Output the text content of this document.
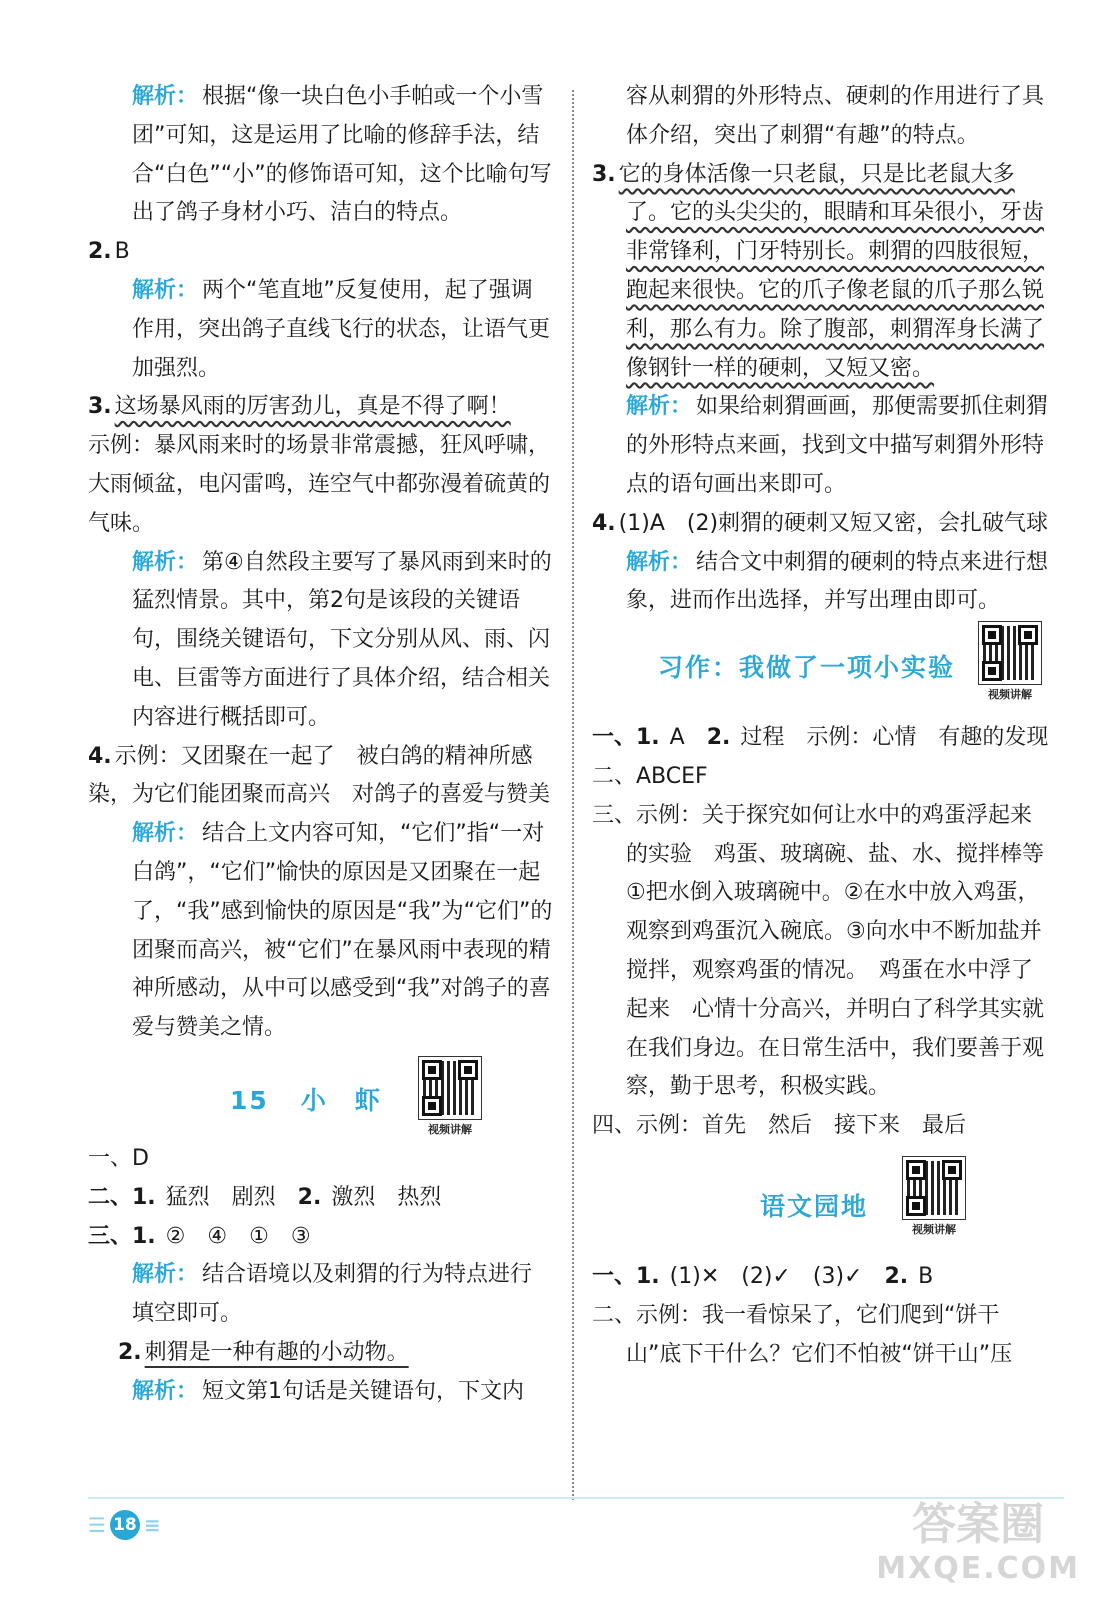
解析： 根据“像一块白色小手帕或一个小雪团”可知，这是运用了比喻的修辞手法，结合“白色”“小”的修饰语可知，这个比喻句写出了鸽子身材小巧、洁白的特点。

2. B

解析： 两个“笔直地”反复使用，起了强调作用，突出鸽子直线飞行的状态，让语气更加强烈。

3. 这场暴风雨的厉害劲儿，真是不得了啊！　示例：暴风雨来时的场景非常震撼，狂风呼啸，大雨倾盆，电闪雷鸣，连空气中都弥漫着硫黄的气味。

解析： 第④自然段主要写了暴风雨到来时的猛烈情景。其中，第2句是该段的关键语句，围绕关键语句，下文分别从风、雨、闪电、巨雷等方面进行了具体介绍，结合相关内容进行概括即可。

4. 示例：又团聚在一起了　被白鸽的精神所感染，为它们能团聚而高兴　对鸽子的喜爱与赞美

解析： 结合上文内容可知，“它们”指“一对白鸽”，“它们”愉快的原因是又团聚在一起了，“我”感到愉快的原因是“我”为“它们”的团聚而高兴，被“它们”在暴风雨中表现的精神所感动，从中可以感受到“我”对鸽子的喜爱与赞美之情。

15 小　虾
视频讲解

一、D

二、1. 猛烈　剧烈　2. 激烈　热烈

三、1. ②　④　①　③

解析： 结合语境以及刺猬的行为特点进行填空即可。

2. 刺猬是一种有趣的小动物。

解析： 短文第1句话是关键语句，下文内

容从刺猬的外形特点、硬刺的作用进行了具体介绍，突出了刺猬“有趣”的特点。

3. 它的身体活像一只老鼠，只是比老鼠大多了。它的头尖尖的，眼睛和耳朵很小，牙齿非常锋利，门牙特别长。刺猬的四肢很短，跑起来很快。它的爪子像老鼠的爪子那么锐利，那么有力。除了腹部，刺猬浑身长满了像钢针一样的硬刺，又短又密。

解析： 如果给刺猬画画，那便需要抓住刺猬的外形特点来画，找到文中描写刺猬外形特点的语句画出来即可。

4. (1)A　(2)刺猬的硬刺又短又密，会扎破气球

解析： 结合文中刺猬的硬刺的特点来进行想象，进而作出选择，并写出理由即可。

习作：我做了一项小实验
视频讲解

一、1. A　2. 过程　示例：心情　有趣的发现

二、ABCEF

三、示例：关于探究如何让水中的鸡蛋浮起来的实验　鸡蛋、玻璃碗、盐、水、搅拌棒等　①把水倒入玻璃碗中。②在水中放入鸡蛋，观察到鸡蛋沉入碗底。③向水中不断加盐并搅拌，观察鸡蛋的情况。　鸡蛋在水中浮了起来　心情十分高兴，并明白了科学其实就在我们身边。在日常生活中，我们要善于观察，勤于思考，积极实践。

四、示例：首先　然后　接下来　最后

语文园地
视频讲解

一、1. (1)✕　(2)✓　(3)✓　2. B

二、示例：我一看惊呆了，它们爬到“饼干山”底下干什么？它们不怕被“饼干山”压

☰ 18 ≡	答案圈
MXQE.COM
